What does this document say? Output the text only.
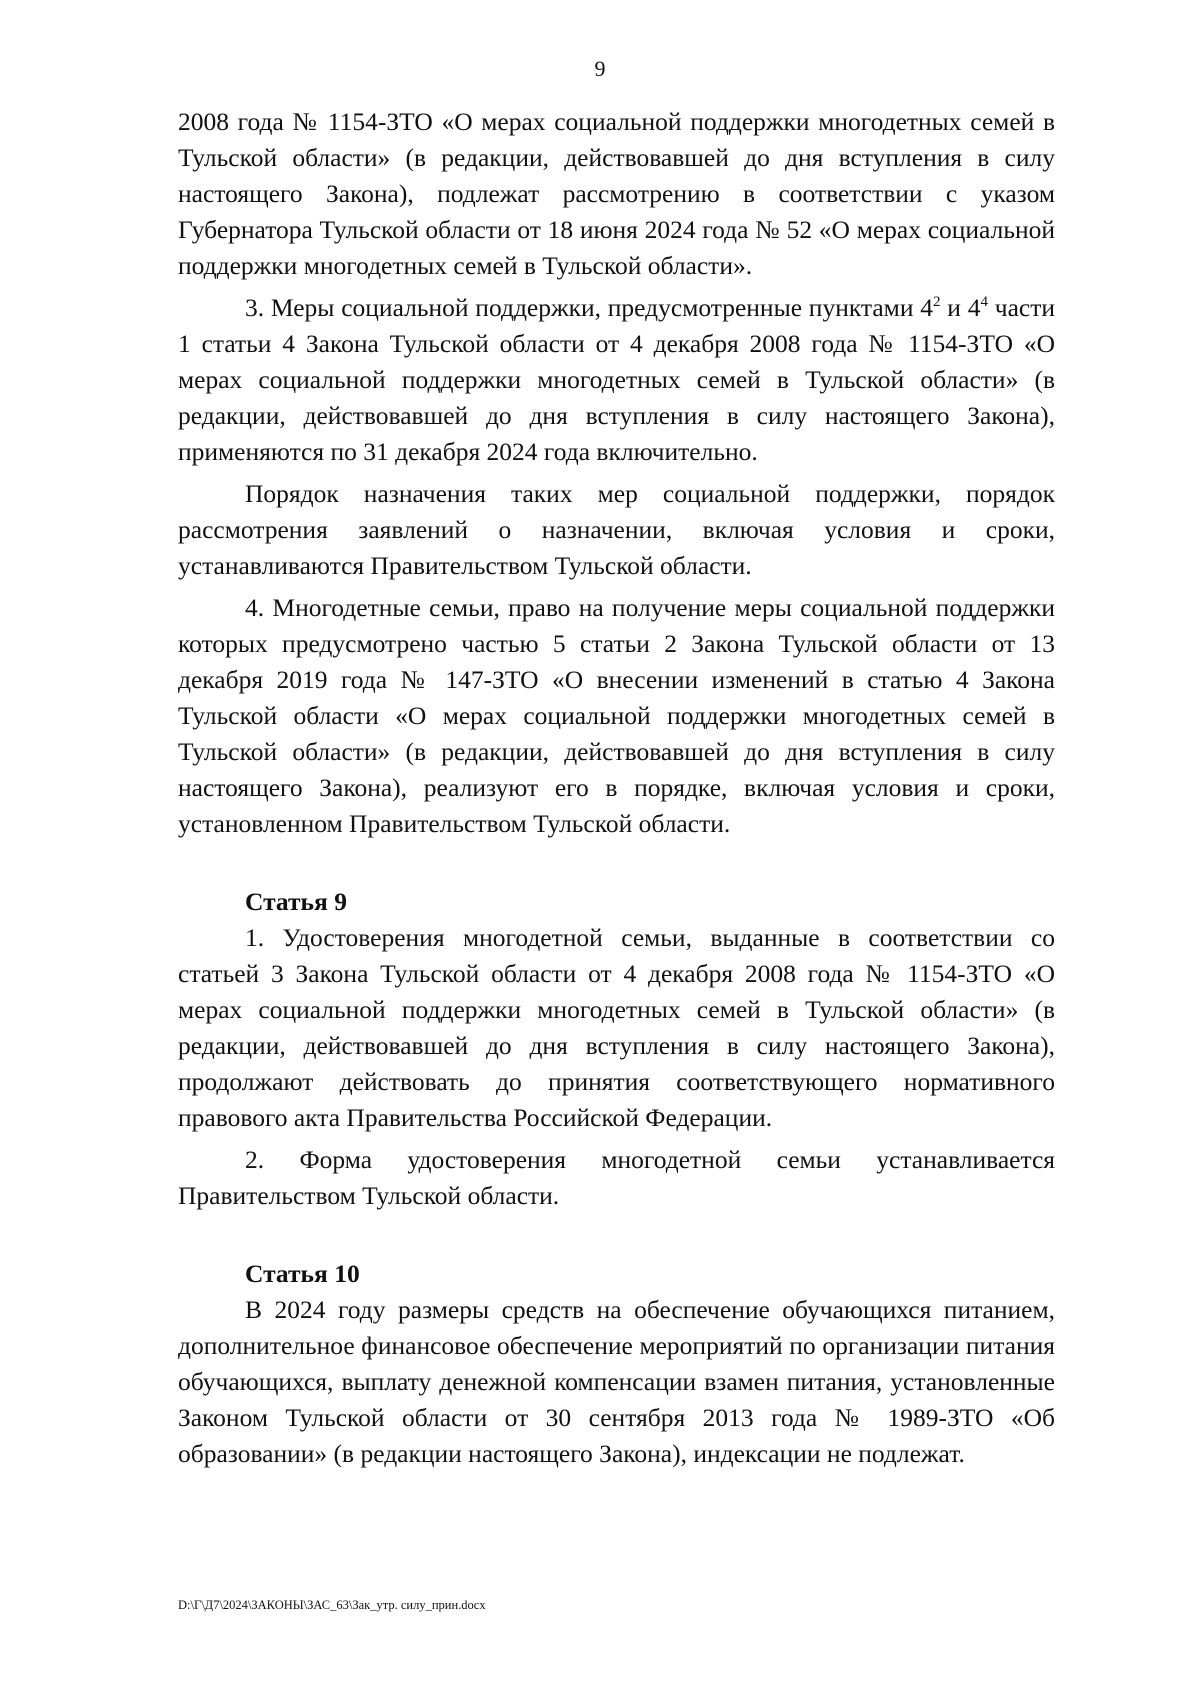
9

2008 года № 1154-ЗТО «О мерах социальной поддержки многодетных семей в Тульской области» (в редакции, действовавшей до дня вступления в силу настоящего Закона), подлежат рассмотрению в соответствии с указом Губернатора Тульской области от 18 июня 2024 года № 52 «О мерах социальной поддержки многодетных семей в Тульской области».

3. Меры социальной поддержки, предусмотренные пунктами $4^2$ и $4^4$ части 1 статьи 4 Закона Тульской области от 4 декабря 2008 года № 1154-ЗТО «О мерах социальной поддержки многодетных семей в Тульской области» (в редакции, действовавшей до дня вступления в силу настоящего Закона), применяются по 31 декабря 2024 года включительно.

Порядок назначения таких мер социальной поддержки, порядок рассмотрения заявлений о назначении, включая условия и сроки, устанавливаются Правительством Тульской области.

4. Многодетные семьи, право на получение меры социальной поддержки которых предусмотрено частью 5 статьи 2 Закона Тульской области от 13 декабря 2019 года № 147-ЗТО «О внесении изменений в статью 4 Закона Тульской области «О мерах социальной поддержки многодетных семей в Тульской области» (в редакции, действовавшей до дня вступления в силу настоящего Закона), реализуют его в порядке, включая условия и сроки, установленном Правительством Тульской области.

Статья 9

1. Удостоверения многодетной семьи, выданные в соответствии со статьей 3 Закона Тульской области от 4 декабря 2008 года № 1154-ЗТО «О мерах социальной поддержки многодетных семей в Тульской области» (в редакции, действовавшей до дня вступления в силу настоящего Закона), продолжают действовать до принятия соответствующего нормативного правового акта Правительства Российской Федерации.

2. Форма удостоверения многодетной семьи устанавливается Правительством Тульской области.

Статья 10

В 2024 году размеры средств на обеспечение обучающихся питанием, дополнительное финансовое обеспечение мероприятий по организации питания обучающихся, выплату денежной компенсации взамен питания, установленные Законом Тульской области от 30 сентября 2013 года № 1989-ЗТО «Об образовании» (в редакции настоящего Закона), индексации не подлежат.

D:\Г\Д7\2024\ЗАКОНЫ\ЗАС_63\Зак_утр. силу_прин.docx
